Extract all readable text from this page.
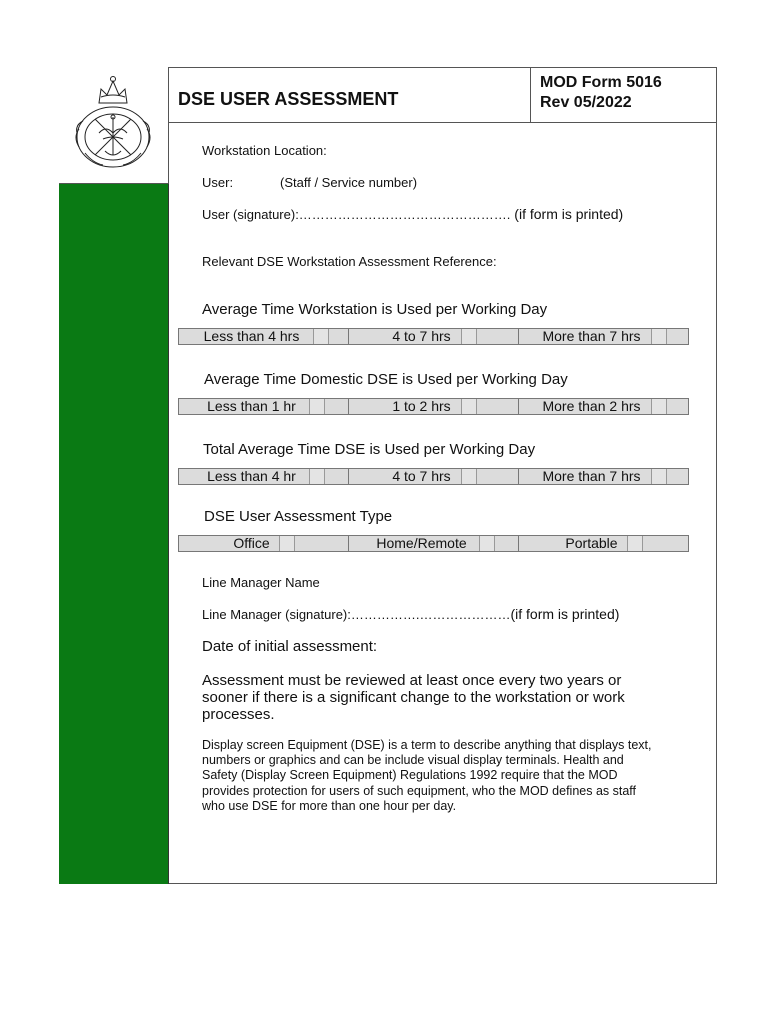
DSE USER ASSESSMENT
MOD Form 5016
Rev 05/2022
Workstation Location:
User:	(Staff / Service number)
User (signature):…………………………………………. (if form is printed)
Relevant DSE Workstation Assessment Reference:
Average Time Workstation is Used per Working Day
Less than 4 hrs	4 to 7 hrs	More than 7 hrs
Average Time Domestic DSE is Used per Working Day
Less than 1 hr	1 to 2 hrs	More than 2 hrs
Total Average Time DSE is Used per Working Day
Less than 4 hr	4 to 7 hrs	More than 7 hrs
DSE User Assessment Type
Office	Home/Remote	Portable
Line Manager Name
Line Manager (signature):…………….…………………(if form is printed)
Date of initial assessment:
Assessment must be reviewed at least once every two years or sooner if there is a significant change to the workstation or work processes.
Display screen Equipment (DSE) is a term to describe anything that displays text, numbers or graphics and can be include visual display terminals. Health and Safety (Display Screen Equipment) Regulations 1992 require that the MOD provides protection for users of such equipment, who the MOD defines as staff who use DSE for more than one hour per day.
